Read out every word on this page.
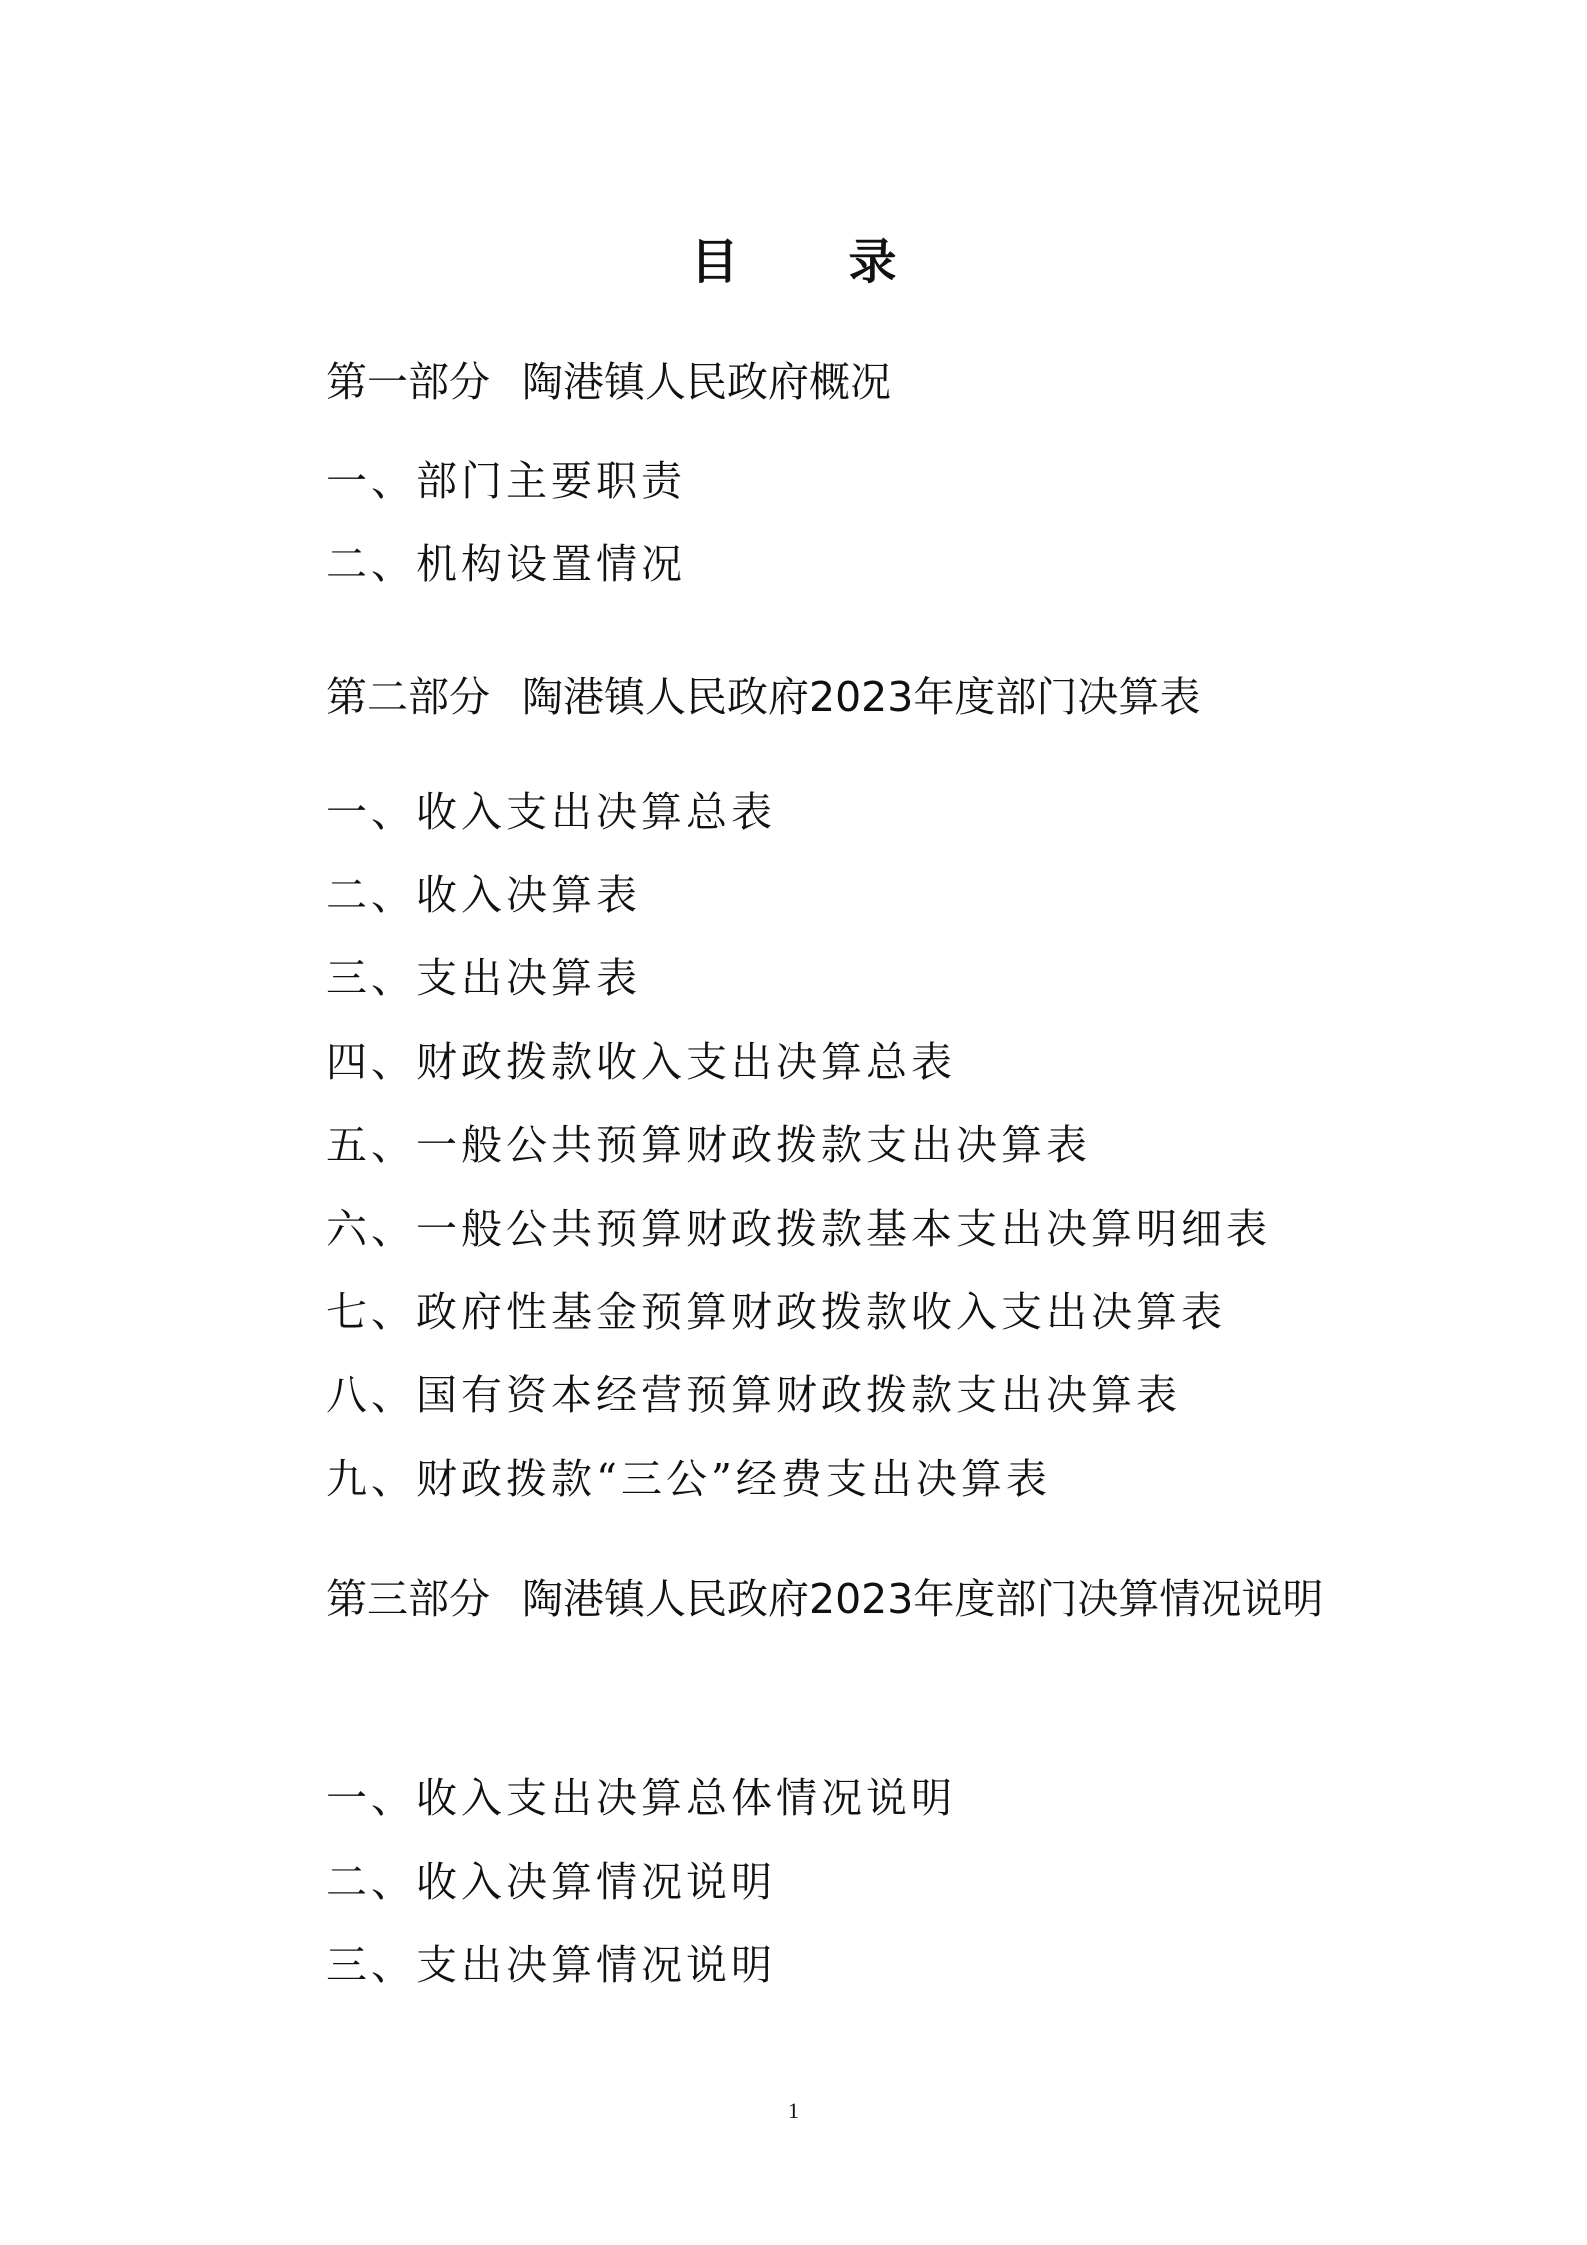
目录

第一部分 陶港镇人民政府概况

一、部门主要职责

二、机构设置情况

第二部分 陶港镇人民政府2023年度部门决算表

一、收入支出决算总表

二、收入决算表

三、支出决算表

四、财政拨款收入支出决算总表

五、一般公共预算财政拨款支出决算表

六、一般公共预算财政拨款基本支出决算明细表

七、政府性基金预算财政拨款收入支出决算表

八、国有资本经营预算财政拨款支出决算表

九、财政拨款“三公”经费支出决算表

第三部分 陶港镇人民政府2023年度部门决算情况说明

一、收入支出决算总体情况说明

二、收入决算情况说明

三、支出决算情况说明

1
